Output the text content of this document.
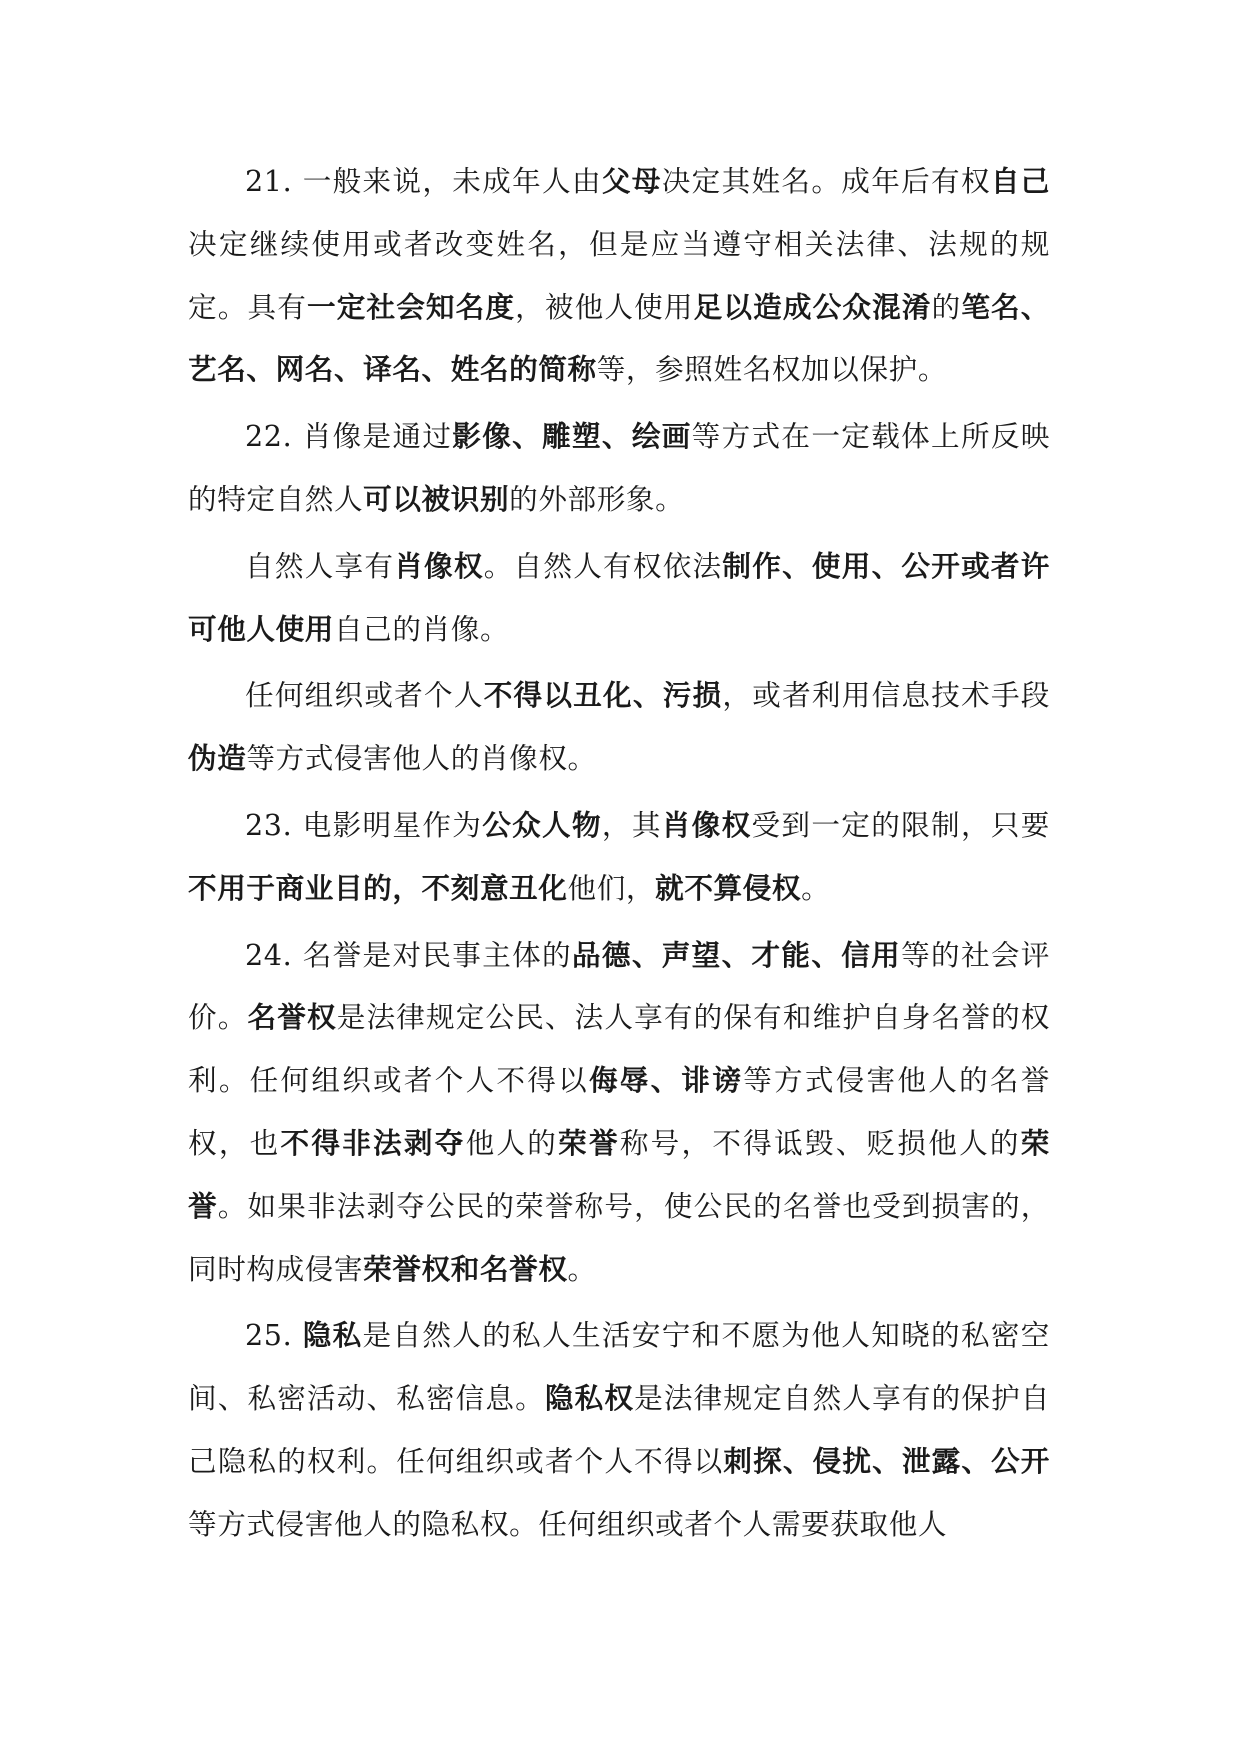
21. 一般来说，未成年人由父母决定其姓名。成年后有权自己决定继续使用或者改变姓名，但是应当遵守相关法律、法规的规定。具有一定社会知名度，被他人使用足以造成公众混淆的笔名、艺名、网名、译名、姓名的简称等，参照姓名权加以保护。

22. 肖像是通过影像、雕塑、绘画等方式在一定载体上所反映的特定自然人可以被识别的外部形象。

自然人享有肖像权。自然人有权依法制作、使用、公开或者许可他人使用自己的肖像。

任何组织或者个人不得以丑化、污损，或者利用信息技术手段伪造等方式侵害他人的肖像权。

23. 电影明星作为公众人物，其肖像权受到一定的限制，只要不用于商业目的，不刻意丑化他们，就不算侵权。

24. 名誉是对民事主体的品德、声望、才能、信用等的社会评价。名誉权是法律规定公民、法人享有的保有和维护自身名誉的权利。任何组织或者个人不得以侮辱、诽谤等方式侵害他人的名誉权，也不得非法剥夺他人的荣誉称号，不得诋毁、贬损他人的荣誉。如果非法剥夺公民的荣誉称号，使公民的名誉也受到损害的，同时构成侵害荣誉权和名誉权。

25. 隐私是自然人的私人生活安宁和不愿为他人知晓的私密空间、私密活动、私密信息。隐私权是法律规定自然人享有的保护自己隐私的权利。任何组织或者个人不得以刺探、侵扰、泄露、公开等方式侵害他人的隐私权。任何组织或者个人需要获取他人
